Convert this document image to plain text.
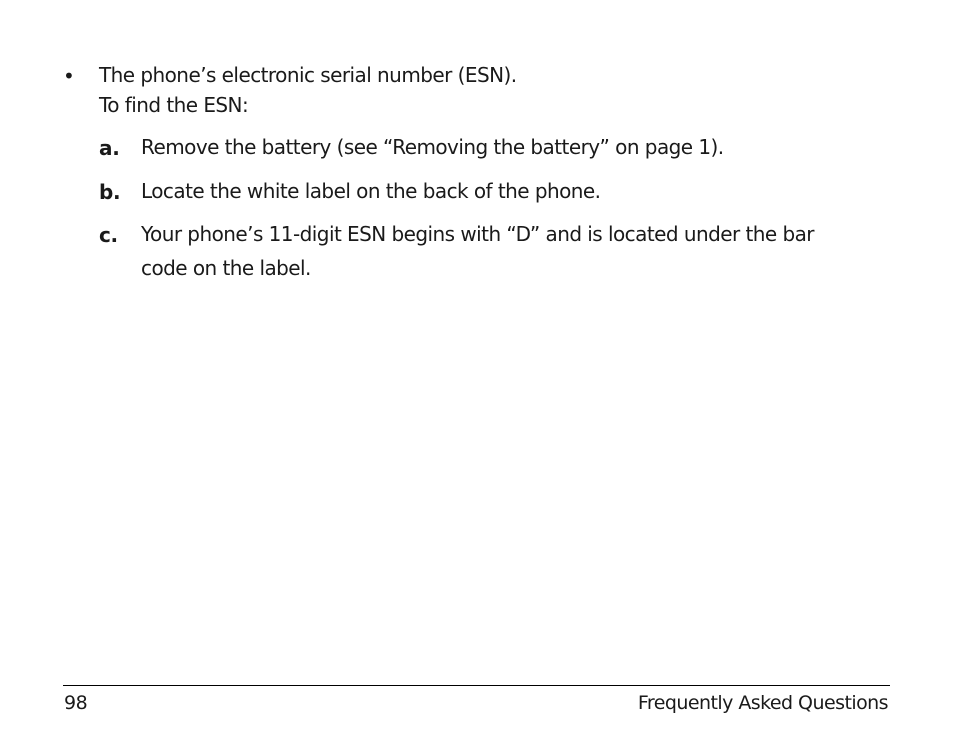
• The phone’s electronic serial number (ESN).
To find the ESN:
a. Remove the battery (see “Removing the battery” on page 1).
b. Locate the white label on the back of the phone.
c. Your phone’s 11-digit ESN begins with “D” and is located under the bar
code on the label.
98	Frequently Asked Questions
